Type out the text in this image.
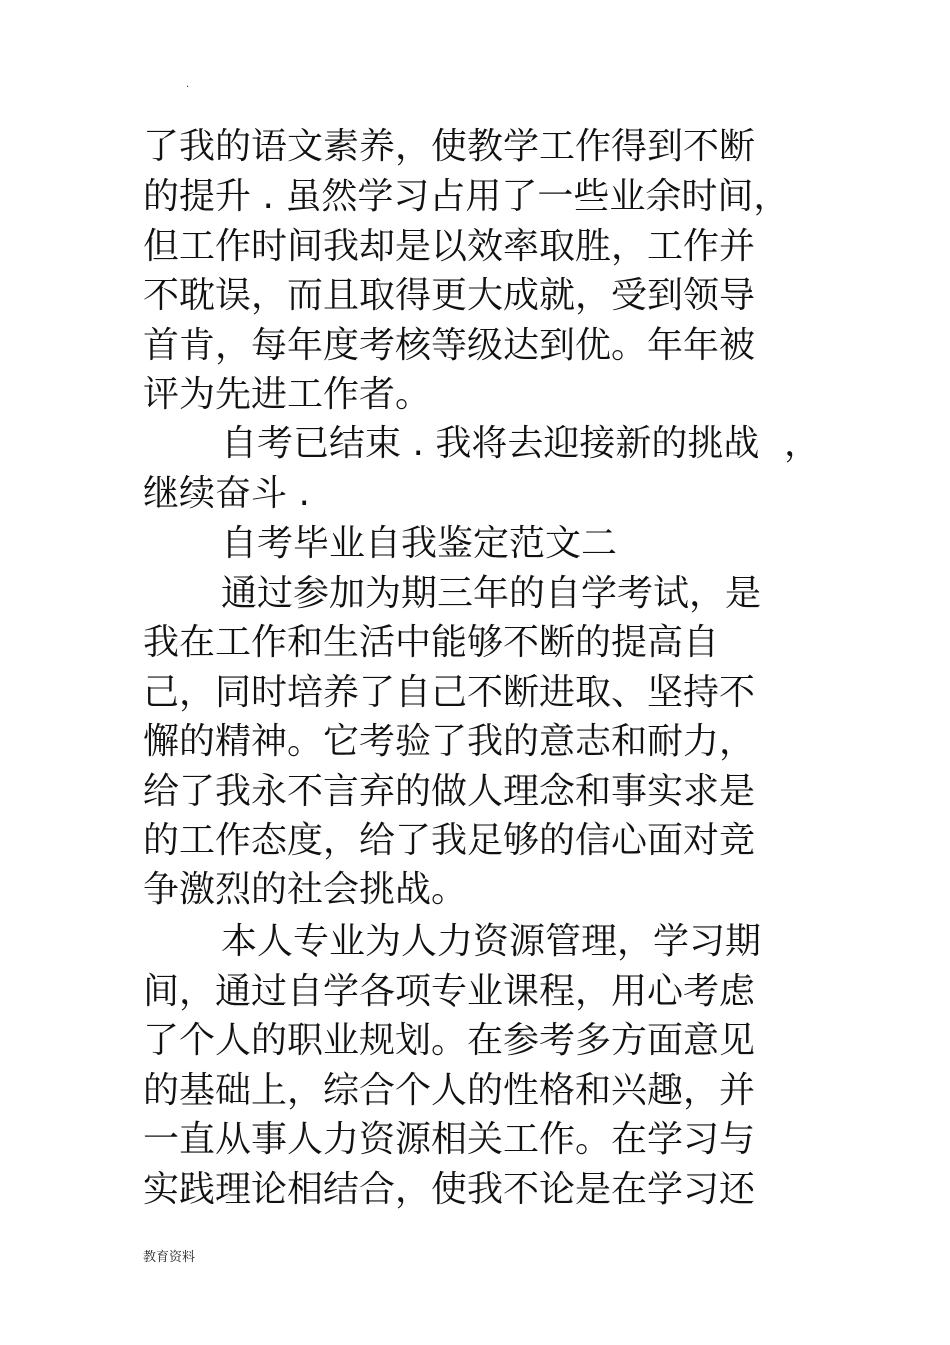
.
了我的语文素养，使教学工作得到不断
的提升 . 虽然学习占用了一些业余时间，
但工作时间我却是以效率取胜，工作并
不耽误，而且取得更大成就，受到领导
首肯，每年度考核等级达到优。年年被
评为先进工作者。
自考已结束 . 我将去迎接新的挑战 ，
继续奋斗 .
自考毕业自我鉴定范文二
通过参加为期三年的自学考试，是
我在工作和生活中能够不断的提高自
己，同时培养了自己不断进取、坚持不
懈的精神。它考验了我的意志和耐力，
给了我永不言弃的做人理念和事实求是
的工作态度，给了我足够的信心面对竞
争激烈的社会挑战。
本人专业为人力资源管理，学习期
间，通过自学各项专业课程，用心考虑
了个人的职业规划。在参考多方面意见
的基础上，综合个人的性格和兴趣，并
一直从事人力资源相关工作。在学习与
实践理论相结合，使我不论是在学习还
教育资料
